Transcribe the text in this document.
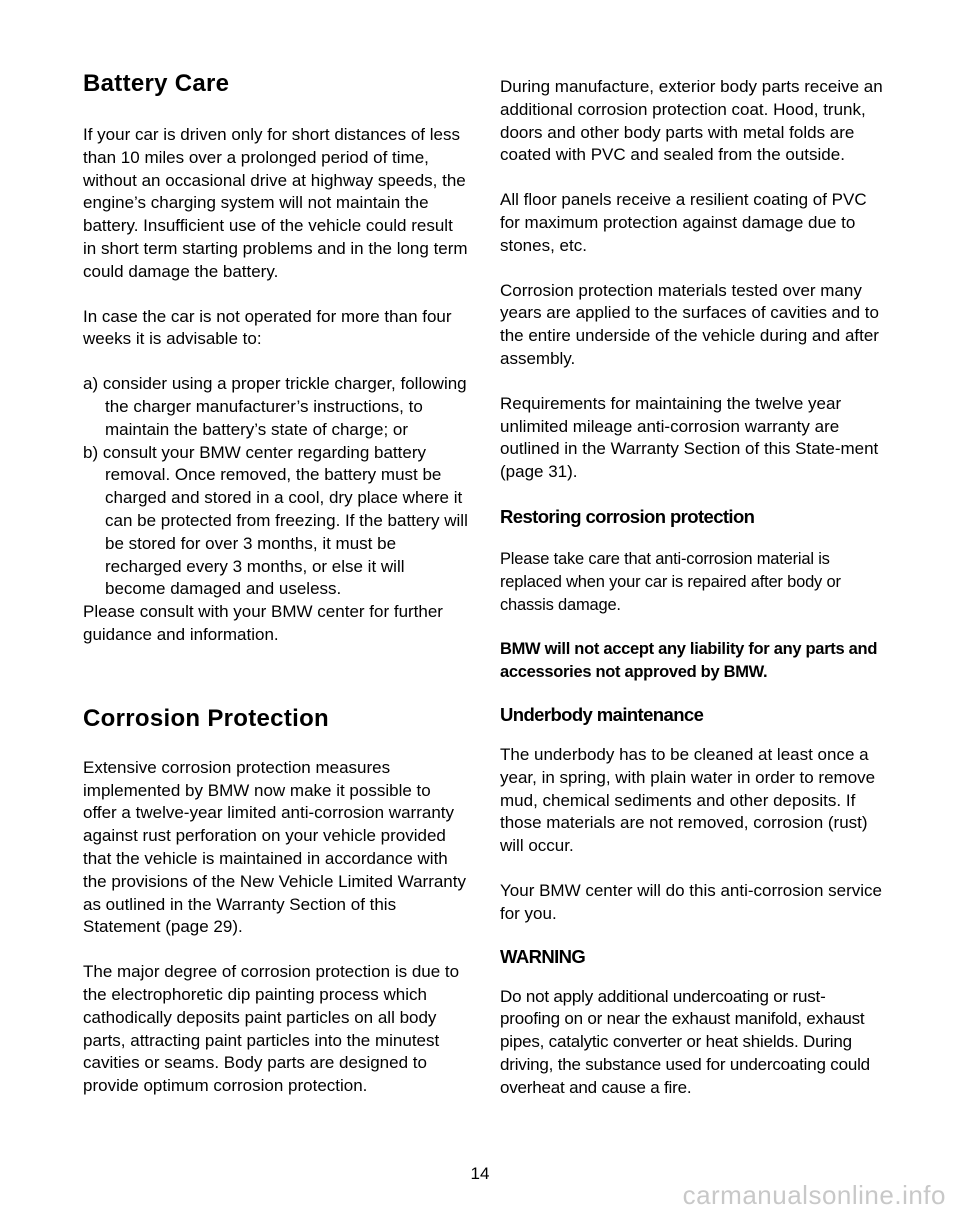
Battery Care

If your car is driven only for short distances of less than 10 miles over a prolonged period of time, without an occasional drive at highway speeds, the engine’s charging system will not maintain the battery. Insufficient use of the vehicle could result in short term starting problems and in the long term could damage the battery.

In case the car is not operated for more than four weeks it is advisable to:

a) consider using a proper trickle charger, following the charger manufacturer’s instructions, to maintain the battery’s state of charge; or

b) consult your BMW center regarding battery removal. Once removed, the battery must be charged and stored in a cool, dry place where it can be protected from freezing. If the battery will be stored for over 3 months, it must be recharged every 3 months, or else it will become damaged and useless.

Please consult with your BMW center for further guidance and information.

Corrosion Protection

Extensive corrosion protection measures implemented by BMW now make it possible to offer a twelve-year limited anti-corrosion warranty against rust perforation on your vehicle provided that the vehicle is maintained in accordance with the provisions of the New Vehicle Limited Warranty as outlined in the Warranty Section of this Statement (page 29).

The major degree of corrosion protection is due to the electrophoretic dip painting process which cathodically deposits paint particles on all body parts, attracting paint particles into the minutest cavities or seams. Body parts are designed to provide optimum corrosion protection.

During manufacture, exterior body parts receive an additional corrosion protection coat. Hood, trunk, doors and other body parts with metal folds are coated with PVC and sealed from the outside.

All floor panels receive a resilient coating of PVC for maximum protection against damage due to stones, etc.

Corrosion protection materials tested over many years are applied to the surfaces of cavities and to the entire underside of the vehicle during and after assembly.

Requirements for maintaining the twelve year unlimited mileage anti-corrosion warranty are outlined in the Warranty Section of this State-ment (page 31).

Restoring corrosion protection

Please take care that anti-corrosion material is replaced when your car is repaired after body or chassis damage.

BMW will not accept any liability for any parts and accessories not approved by BMW.

Underbody maintenance

The underbody has to be cleaned at least once a year, in spring, with plain water in order to remove mud, chemical sediments and other deposits. If those materials are not removed, corrosion (rust) will occur.

Your BMW center will do this anti-corrosion service for you.

WARNING

Do not apply additional undercoating or rust-proofing on or near the exhaust manifold, exhaust pipes, catalytic converter or heat shields. During driving, the substance used for undercoating could overheat and cause a fire.

14
carmanualsonline.info
